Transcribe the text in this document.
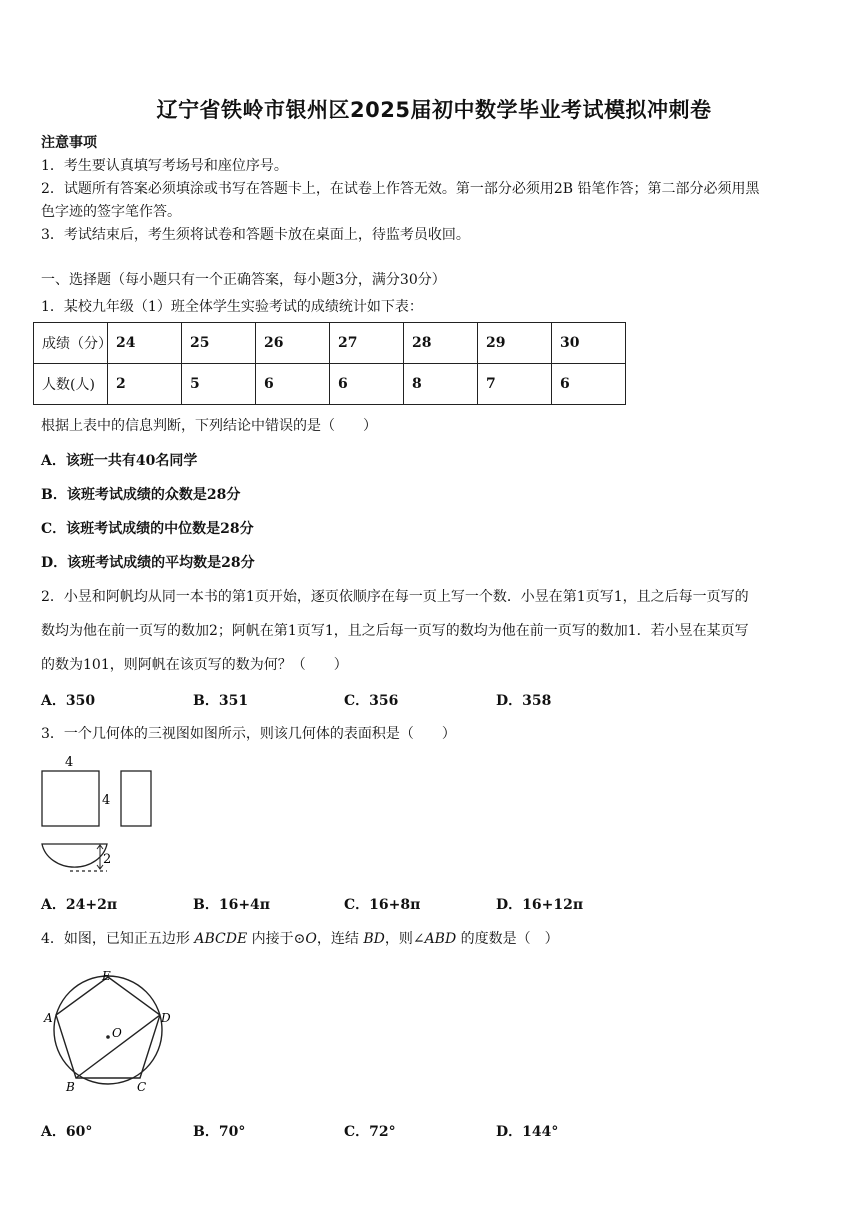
辽宁省铁岭市银州区2025届初中数学毕业考试模拟冲刺卷
注意事项
1．考生要认真填写考场号和座位序号。
2．试题所有答案必须填涂或书写在答题卡上，在试卷上作答无效。第一部分必须用2B 铅笔作答；第二部分必须用黑
色字迹的签字笔作答。
3．考试结束后，考生须将试卷和答题卡放在桌面上，待监考员收回。
一、选择题（每小题只有一个正确答案，每小题3分，满分30分）
1．某校九年级（1）班全体学生实验考试的成绩统计如下表：
成绩（分）	24	25	26	27	28	29	30
人数(人)	2	5	6	6	8	7	6
根据上表中的信息判断，下列结论中错误的是（　　）
A．该班一共有40名同学
B．该班考试成绩的众数是28分
C．该班考试成绩的中位数是28分
D．该班考试成绩的平均数是28分
2．小昱和阿帆均从同一本书的第1页开始，逐页依顺序在每一页上写一个数．小昱在第1页写1，且之后每一页写的
数均为他在前一页写的数加2；阿帆在第1页写1，且之后每一页写的数均为他在前一页写的数加1．若小昱在某页写
的数为101，则阿帆在该页写的数为何？（　　）
A．350	B．351	C．356	D．358
3．一个几何体的三视图如图所示，则该几何体的表面积是（　　）
4
4
2
A．24+2π	B．16+4π	C．16+8π	D．16+12π
4．如图，已知正五边形 ABCDE 内接于⊙O，连结 BD，则∠ABD 的度数是（　）
E
A	D
B	C
O
A．60°	B．70°	C．72°	D．144°
